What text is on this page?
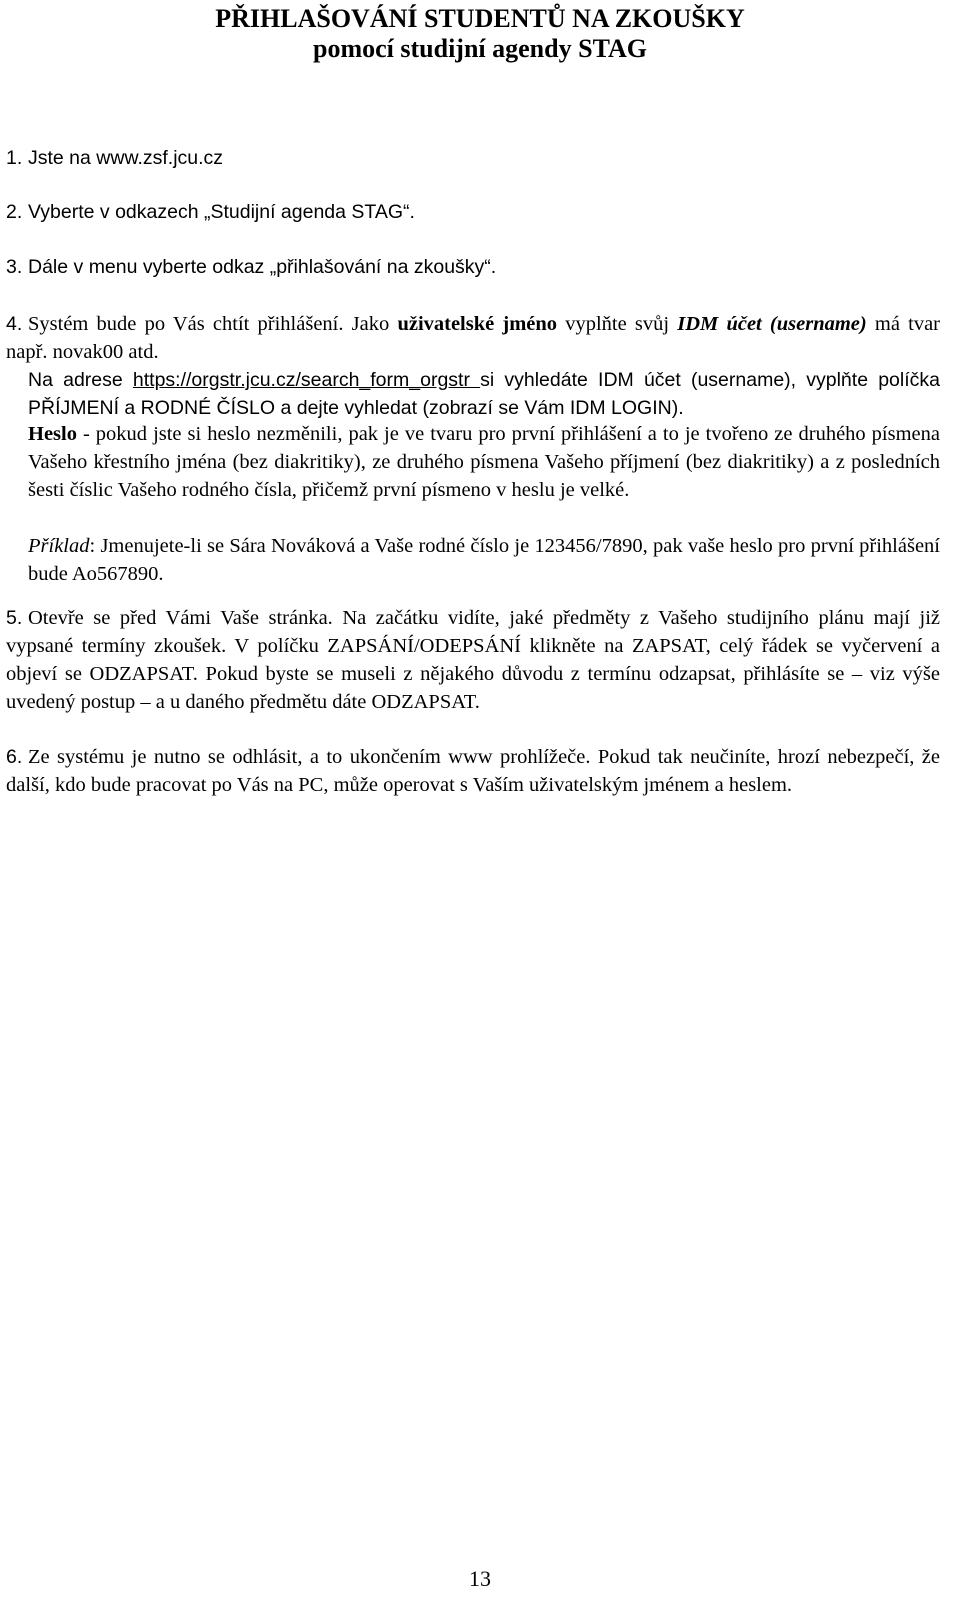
PŘIHLAŠOVÁNÍ STUDENTŮ NA ZKOUŠKY
pomocí studijní agendy STAG
1. Jste na www.zsf.jcu.cz
2. Vyberte v odkazech „Studijní agenda STAG“.
3. Dále v menu vyberte odkaz „přihlašování na zkoušky“.
4. Systém bude po Vás chtít přihlášení. Jako uživatelské jméno vyplňte svůj IDM účet (username) má tvar např. novak00 atd.
Na adrese https://orgstr.jcu.cz/search_form_orgstr si vyhledáte IDM účet (username), vyplňte políčka PŘÍJMENÍ a RODNÉ ČÍSLO a dejte vyhledat (zobrazí se Vám IDM LOGIN).
Heslo - pokud jste si heslo nezměnili, pak je ve tvaru pro první přihlášení a to je tvořeno ze druhého písmena Vašeho křestního jména (bez diakritiky), ze druhého písmena Vašeho příjmení (bez diakritiky) a z posledních šesti číslic Vašeho rodného čísla, přičemž první písmeno v heslu je velké.
Příklad: Jmenujete-li se Sára Nováková a Vaše rodné číslo je 123456/7890, pak vaše heslo pro první přihlášení bude Ao567890.
5. Otevře se před Vámi Vaše stránka. Na začátku vidíte, jaké předměty z Vašeho studijního plánu mají již vypsané termíny zkoušek. V políčku ZAPSÁNÍ/ODEPSÁNÍ klikněte na ZAPSAT, celý řádek se vyčervení a objeví se ODZAPSAT. Pokud byste se museli z nějakého důvodu z termínu odzapsat, přihlásíte se – viz výše uvedený postup – a u daného předmětu dáte ODZAPSAT.
6. Ze systému je nutno se odhlásit, a to ukončením www prohlížeče. Pokud tak neučiníte, hrozí nebezpečí, že další, kdo bude pracovat po Vás na PC, může operovat s Vaším uživatelským jménem a heslem.
13
